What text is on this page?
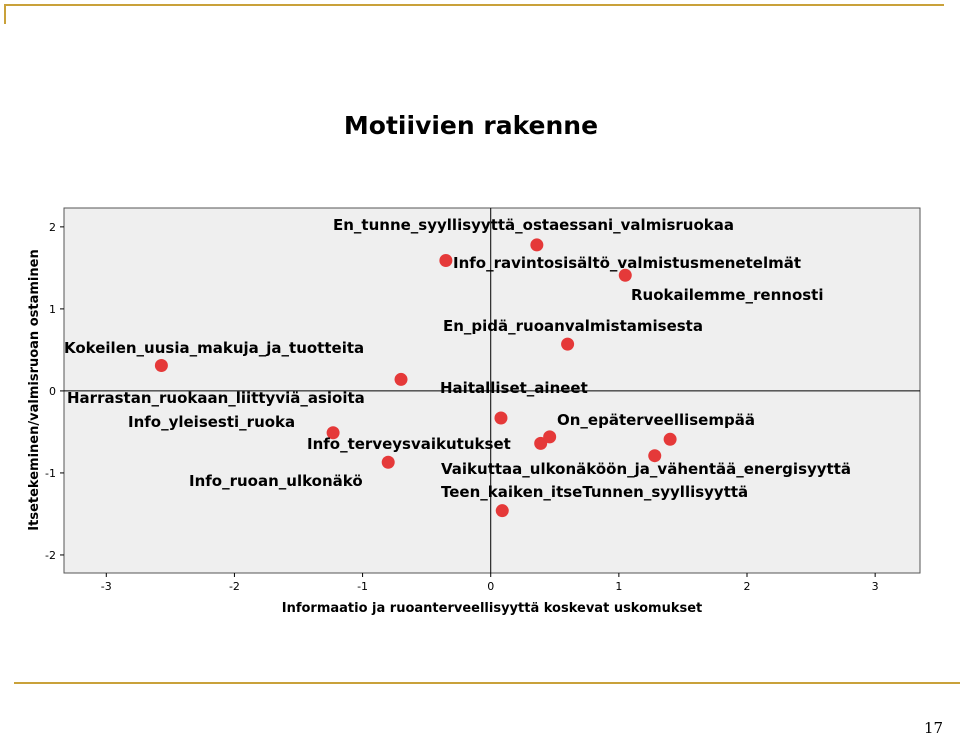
Motiivien rakenne
-3	-2	-1	0	1	2	3
-2
-1
0
1
2	En_tunne_syyllisyyttä_ostaessani_valmisruokaa
Info_ravintosisältö_valmistusmenetelmät
Ruokailemme_rennosti
En_pidä_ruoanvalmistamisesta
Kokeilen_uusia_makuja_ja_tuotteita
Harrastan_ruokaan_liittyviä_asioita
Haitalliset_aineet
Info_yleisesti_ruoka	On_epäterveellisempää
Info_terveysvaikutukset
Vaikuttaa_ulkonäköön_ja_vähentää_energisyyttä
Info_ruoan_ulkonäkö
Teen_kaiken_itseTunnen_syyllisyyttä
Informaatio ja ruoanterveellisyyttä koskevat uskomukset
Itsetekeminen/valmisruoan ostaminen
17
